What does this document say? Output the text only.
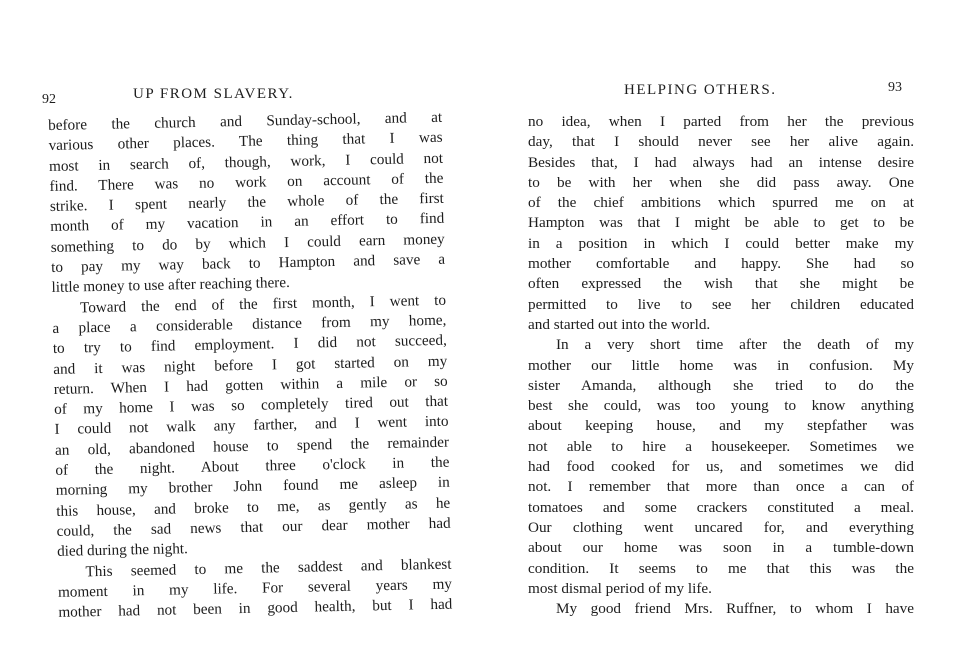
92	UP FROM SLAVERY.
before the church and Sunday-school, and at
various other places. The thing that I was
most in search of, though, work, I could not
find. There was no work on account of the
strike. I spent nearly the whole of the first
month of my vacation in an effort to find
something to do by which I could earn money
to pay my way back to Hampton and save a
little money to use after reaching there.
Toward the end of the first month, I went to
a place a considerable distance from my home,
to try to find employment. I did not succeed,
and it was night before I got started on my
return. When I had gotten within a mile or so
of my home I was so completely tired out that
I could not walk any farther, and I went into
an old, abandoned house to spend the remainder
of the night. About three o'clock in the
morning my brother John found me asleep in
this house, and broke to me, as gently as he
could, the sad news that our dear mother had
died during the night.
This seemed to me the saddest and blankest
moment in my life. For several years my
mother had not been in good health, but I had
HELPING OTHERS.	93
no idea, when I parted from her the previous
day, that I should never see her alive again.
Besides that, I had always had an intense desire
to be with her when she did pass away. One
of the chief ambitions which spurred me on at
Hampton was that I might be able to get to be
in a position in which I could better make my
mother comfortable and happy. She had so
often expressed the wish that she might be
permitted to live to see her children educated
and started out into the world.
In a very short time after the death of my
mother our little home was in confusion. My
sister Amanda, although she tried to do the
best she could, was too young to know anything
about keeping house, and my stepfather was
not able to hire a housekeeper. Sometimes we
had food cooked for us, and sometimes we did
not. I remember that more than once a can of
tomatoes and some crackers constituted a meal.
Our clothing went uncared for, and everything
about our home was soon in a tumble-down
condition. It seems to me that this was the
most dismal period of my life.
My good friend Mrs. Ruffner, to whom I have
